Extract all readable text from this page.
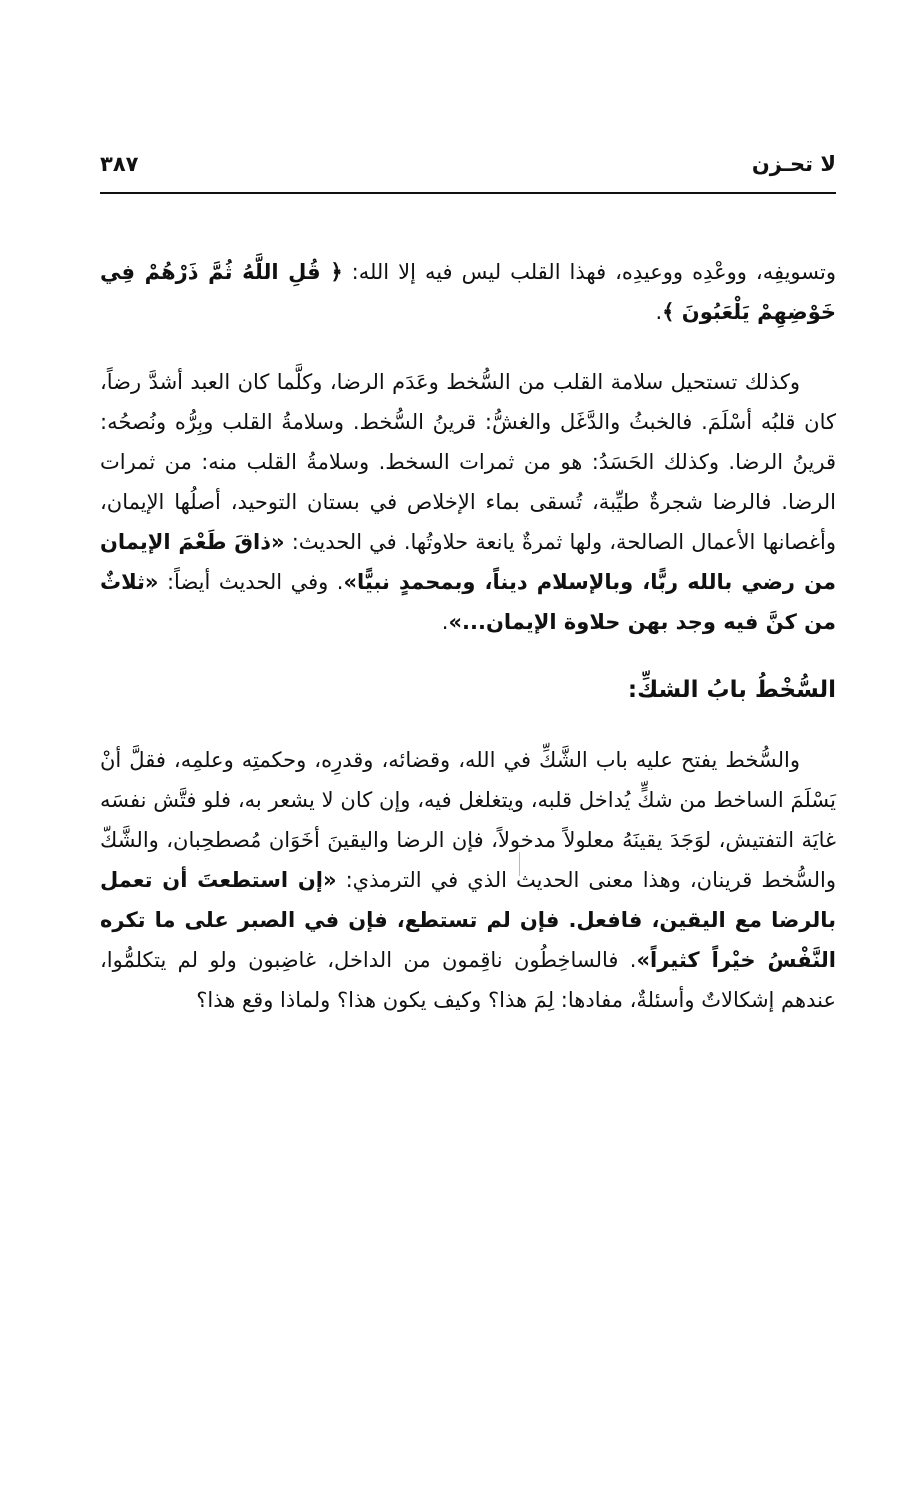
لا تحـزن
٣٨٧

وتسويفِه، ووعْدِه ووعيدِه، فهذا القلب ليس فيه إلا الله: ﴿ قُلِ اللَّهُ ثُمَّ ذَرْهُمْ فِي خَوْضِهِمْ يَلْعَبُونَ ﴾.

وكذلك تستحيل سلامة القلب من السُّخط وعَدَم الرضا، وكلَّما كان العبد أشدَّ رضاً، كان قلبُه أسْلَمَ. فالخبثُ والدَّغَل والغشُّ: قرينُ السُّخط. وسلامةُ القلب وبِرُّه ونُصحُه: قرينُ الرضا. وكذلك الحَسَدُ: هو من ثمرات السخط. وسلامةُ القلب منه: من ثمرات الرضا. فالرضا شجرةٌ طيِّبة، تُسقى بماء الإخلاص في بستان التوحيد، أصلُها الإيمان، وأغصانها الأعمال الصالحة، ولها ثمرةٌ يانعة حلاوتُها. في الحديث: «ذاقَ طَعْمَ الإيمان من رضي بالله ربًّا، وبالإسلام ديناً، وبمحمدٍ نبيًّا». وفي الحديث أيضاً: «ثلاثٌ من كنَّ فيه وجد بهن حلاوة الإيمان...».

السُّخْطُ بابُ الشكِّ:

والسُّخط يفتح عليه باب الشَّكِّ في الله، وقضائه، وقدرِه، وحكمتِه وعلمِه، فقلَّ أنْ يَسْلَمَ الساخط من شكٍّ يُداخل قلبه، ويتغلغل فيه، وإن كان لا يشعر به، فلو فتَّش نفسَه غايَة التفتيش، لوَجَدَ يقينَهُ معلولاً مدخولاً، فإن الرضا واليقينَ أخَوَان مُصطحِبان، والشَّكّ والسُّخط قرينان، وهذا معنى الحديث الذي في الترمذي: «إن استطعتَ أن تعمل بالرضا مع اليقين، فافعل. فإن لم تستطع، فإن في الصبر على ما تكره النَّفْسُ خيْراً كثيراً». فالساخِطُون ناقِمون من الداخل، غاضِبون ولو لم يتكلمُّوا، عندهم إشكالاتٌ وأسئلةٌ، مفادها: لِمَ هذا؟ وكيف يكون هذا؟ ولماذا وقع هذا؟
